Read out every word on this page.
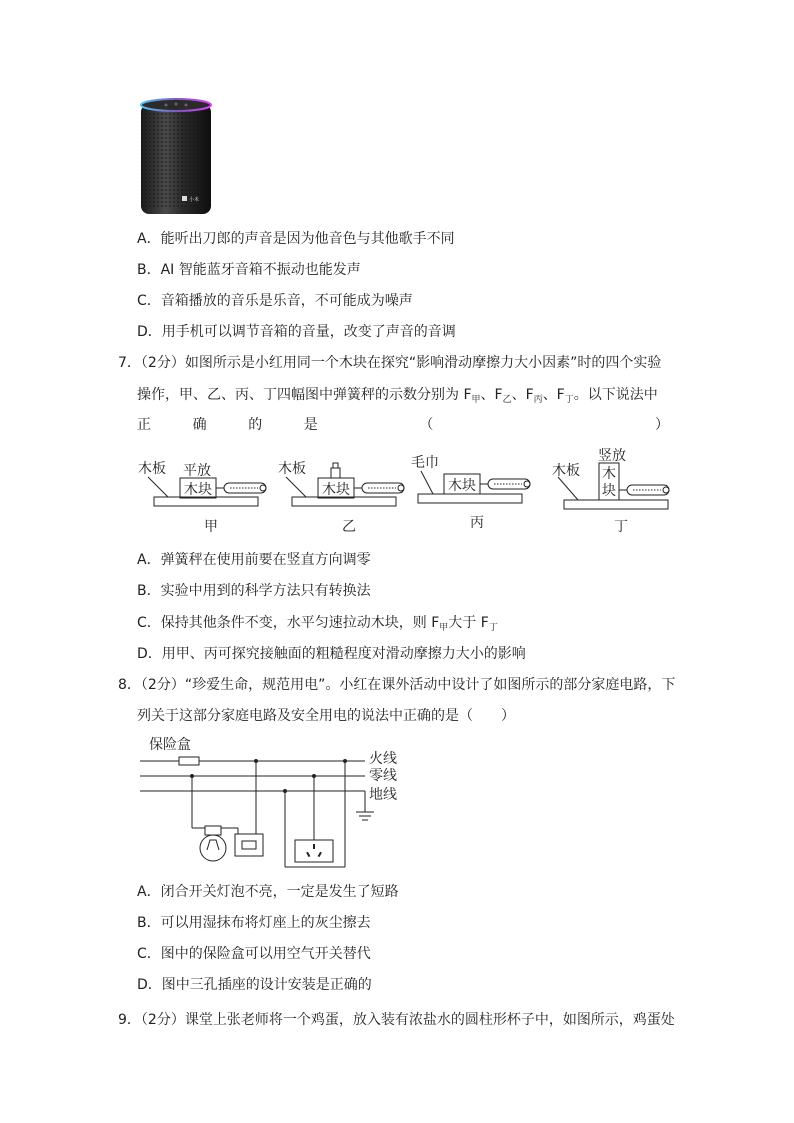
小米
A．能听出刀郎的声音是因为他音色与其他歌手不同
B．AI 智能蓝牙音箱不振动也能发声
C．音箱播放的音乐是乐音，不可能成为噪声
D．用手机可以调节音箱的音量，改变了声音的音调
7．（2分）如图所示是小红用同一个木块在探究“影响滑动摩擦力大小因素”时的四个实验
操作，甲、乙、丙、丁四幅图中弹簧秤的示数分别为 $F_甲$、$F_乙$、$F_丙$、$F_丁$。以下说法中
正	确	的	是	（	）
木板 平放
木块
甲
木板
木块
乙
毛巾
木块
丙
木板
竖放
木
块
丁
A．弹簧秤在使用前要在竖直方向调零
B．实验中用到的科学方法只有转换法
C．保持其他条件不变，水平匀速拉动木块，则 $F_甲$大于 $F_丁$
D．用甲、丙可探究接触面的粗糙程度对滑动摩擦力大小的影响
8．（2分）“珍爱生命，规范用电”。小红在课外活动中设计了如图所示的部分家庭电路，下
列关于这部分家庭电路及安全用电的说法中正确的是（　　）
保险盒
火线
零线
地线
A．闭合开关灯泡不亮，一定是发生了短路
B．可以用湿抹布将灯座上的灰尘擦去
C．图中的保险盒可以用空气开关替代
D．图中三孔插座的设计安装是正确的
9．（2分）课堂上张老师将一个鸡蛋，放入装有浓盐水的圆柱形杯子中，如图所示，鸡蛋处
